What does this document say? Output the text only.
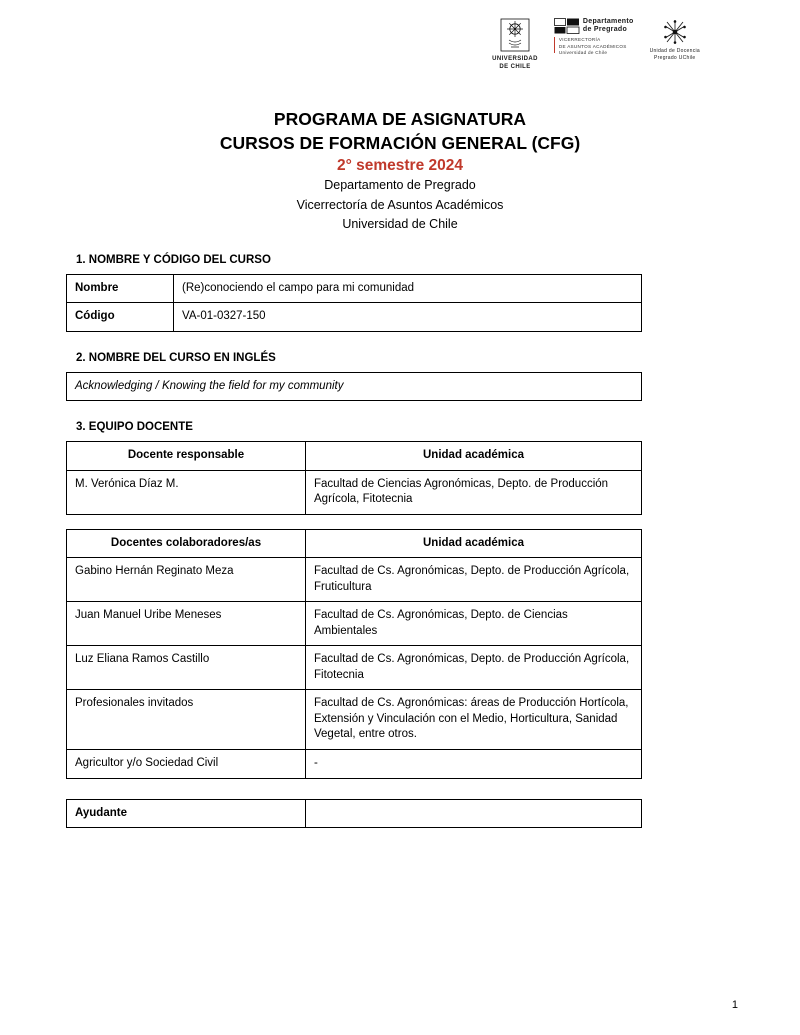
UNIVERSIDAD
DE CHILE
Departamento
de Pregrado
VICERRECTORÍA
DE ASUNTOS ACADÉMICOS
Universidad de Chile	Unidad de Docencia
Pregrado UChile
PROGRAMA DE ASIGNATURA
CURSOS DE FORMACIÓN GENERAL (CFG)
2° semestre 2024
Departamento de Pregrado
Vicerrectoría de Asuntos Académicos
Universidad de Chile
1. NOMBRE Y CÓDIGO DEL CURSO
Nombre	(Re)conociendo el campo para mi comunidad
Código	VA-01-0327-150
2. NOMBRE DEL CURSO EN INGLÉS
Acknowledging / Knowing the field for my community
3. EQUIPO DOCENTE
Docente responsable	Unidad académica
M. Verónica Díaz M.	Facultad de Ciencias Agronómicas, Depto. de Producción Agrícola, Fitotecnia
Docentes colaboradores/as	Unidad académica
Gabino Hernán Reginato Meza	Facultad de Cs. Agronómicas, Depto. de Producción Agrícola, Fruticultura
Juan Manuel Uribe Meneses	Facultad de Cs. Agronómicas, Depto. de Ciencias Ambientales
Luz Eliana Ramos Castillo	Facultad de Cs. Agronómicas, Depto. de Producción Agrícola, Fitotecnia
Profesionales invitados	Facultad de Cs. Agronómicas: áreas de Producción Hortícola, Extensión y Vinculación con el Medio, Horticultura, Sanidad Vegetal, entre otros.
Agricultor y/o Sociedad Civil	-
Ayudante	
1
